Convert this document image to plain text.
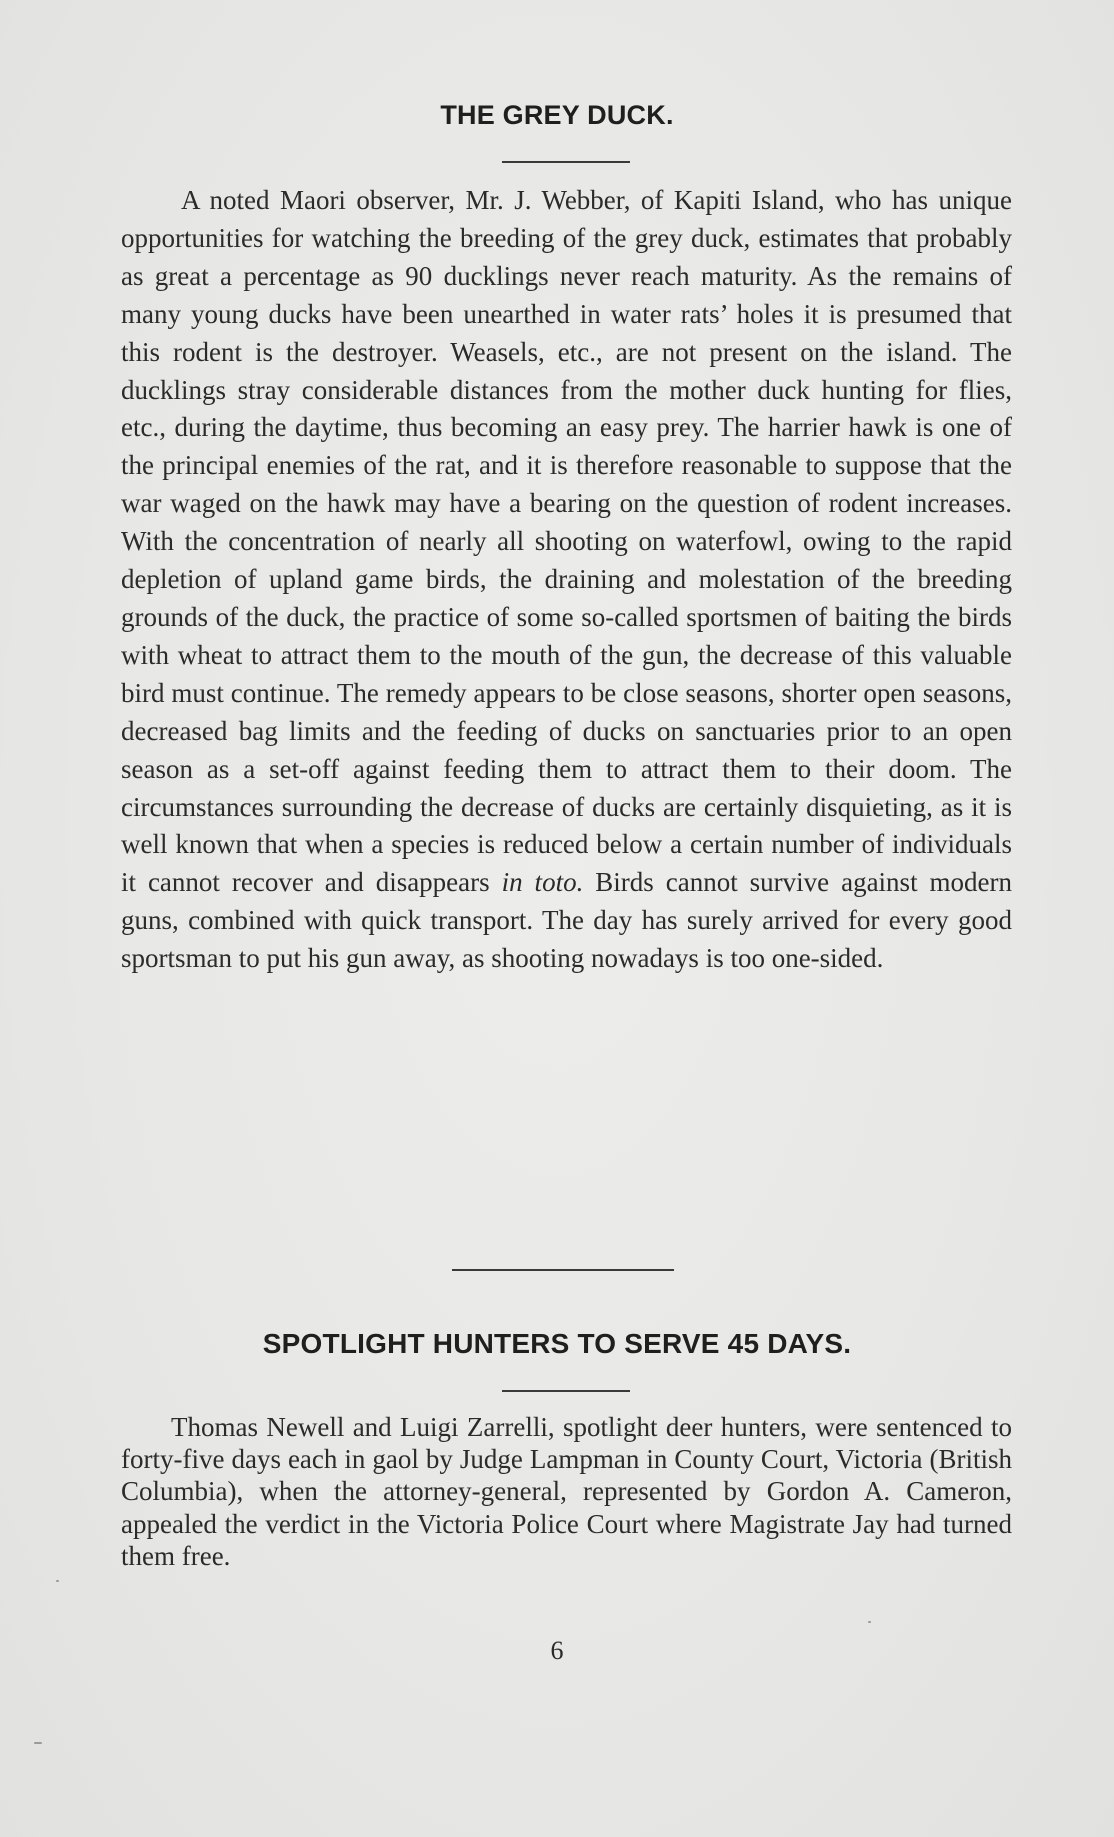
THE GREY DUCK.

A noted Maori observer, Mr. J. Webber, of Kapiti Island, who has unique opportunities for watching the breeding of the grey duck, estimates that probably as great a percentage as 90 ducklings never reach maturity. As the remains of many young ducks have been unearthed in water rats’ holes it is presumed that this rodent is the destroyer. Weasels, etc., are not present on the island. The ducklings stray considerable distances from the mother duck hunting for flies, etc., during the daytime, thus becoming an easy prey. The harrier hawk is one of the principal enemies of the rat, and it is therefore reasonable to suppose that the war waged on the hawk may have a bearing on the question of rodent increases. With the concentration of nearly all shooting on waterfowl, owing to the rapid depletion of upland game birds, the draining and molestation of the breeding grounds of the duck, the practice of some so-called sportsmen of baiting the birds with wheat to attract them to the mouth of the gun, the decrease of this valuable bird must continue. The remedy appears to be close seasons, shorter open seasons, decreased bag limits and the feeding of ducks on sanctuaries prior to an open season as a set-off against feeding them to attract them to their doom. The circumstances surrounding the decrease of ducks are certainly disquieting, as it is well known that when a species is reduced below a certain number of individuals it cannot recover and disappears in toto. Birds cannot survive against modern guns, combined with quick transport. The day has surely arrived for every good sportsman to put his gun away, as shooting nowadays is too one-sided.

SPOTLIGHT HUNTERS TO SERVE 45 DAYS.

Thomas Newell and Luigi Zarrelli, spotlight deer hunters, were sentenced to forty-five days each in gaol by Judge Lampman in County Court, Victoria (British Columbia), when the attorney-general, represented by Gordon A. Cameron, appealed the verdict in the Victoria Police Court where Magistrate Jay had turned them free.

6
